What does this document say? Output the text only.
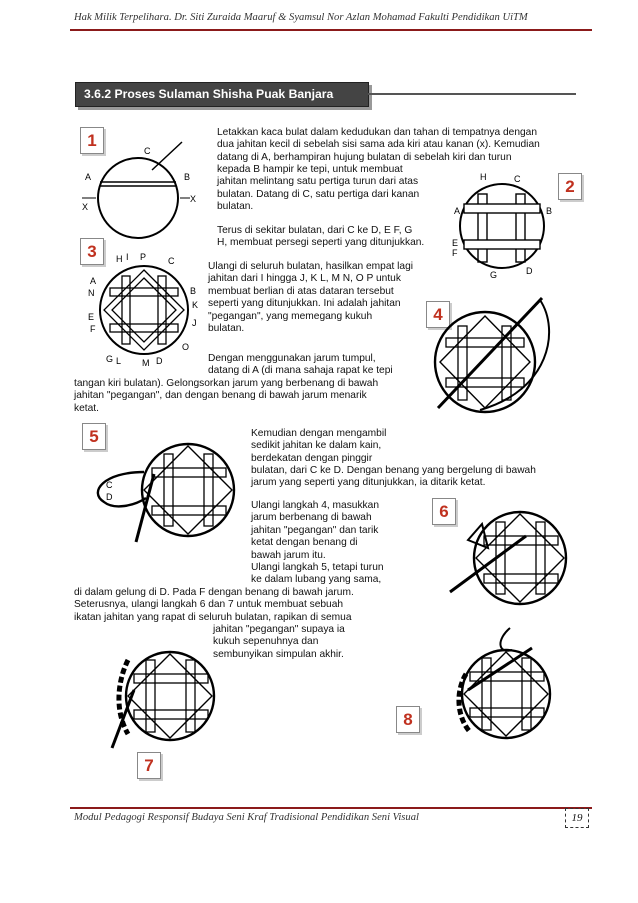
Hak Milik Terpelihara. Dr. Siti Zuraida Maaruf & Syamsul Nor Azlan Mohamad Fakulti Pendidikan UiTM
3.6.2 Proses Sulaman Shisha Puak Banjara
1
2
3
4
5
6
7
8
A
C
B
X
X
H	C
A	B
E
F
G	D
H I P C
A
N	B
K
E
F
J
G L M D
O
C
D

Letakkan kaca bulat dalam kedudukan dan tahan di tempatnya dengan

dua jahitan kecil di sebelah sisi sama ada kiri atau kanan (x). Kemudian

datang di A, berhampiran hujung bulatan di sebelah kiri dan turun

kepada B hampir ke tepi, untuk membuat

jahitan melintang satu pertiga turun dari atas

bulatan. Datang di C, satu pertiga dari kanan

bulatan.

Terus di sekitar bulatan, dari C ke D, E F, G

H, membuat persegi seperti yang ditunjukkan.

Ulangi di seluruh bulatan, hasilkan empat lagi

jahitan dari I hingga J, K L, M N, O P untuk

membuat berlian di atas dataran tersebut

seperti yang ditunjukkan. Ini adalah jahitan

"pegangan", yang memegang kukuh

bulatan.

Dengan menggunakan jarum tumpul,

datang di A (di mana sahaja rapat ke tepi

tangan kiri bulatan). Gelongsorkan jarum yang berbenang di bawah

jahitan "pegangan", dan dengan benang di bawah jarum menarik

ketat.

Kemudian dengan mengambil

sedikit jahitan ke dalam kain,

berdekatan dengan pinggir

bulatan, dari C ke D. Dengan benang yang bergelung di bawah

jarum yang seperti yang ditunjukkan, ia ditarik ketat.

Ulangi langkah 4, masukkan

jarum berbenang di bawah

jahitan "pegangan" dan tarik

ketat dengan benang di

bawah jarum itu.

Ulangi langkah 5, tetapi turun

ke dalam lubang yang sama,

di dalam gelung di D. Pada F dengan benang di bawah jarum.

Seterusnya, ulangi langkah 6 dan 7 untuk membuat sebuah

ikatan jahitan yang rapat di seluruh bulatan, rapikan di semua

jahitan "pegangan" supaya ia

kukuh sepenuhnya dan

sembunyikan simpulan akhir.

Modul Pedagogi Responsif Budaya Seni Kraf Tradisional Pendidikan Seni Visual	19
